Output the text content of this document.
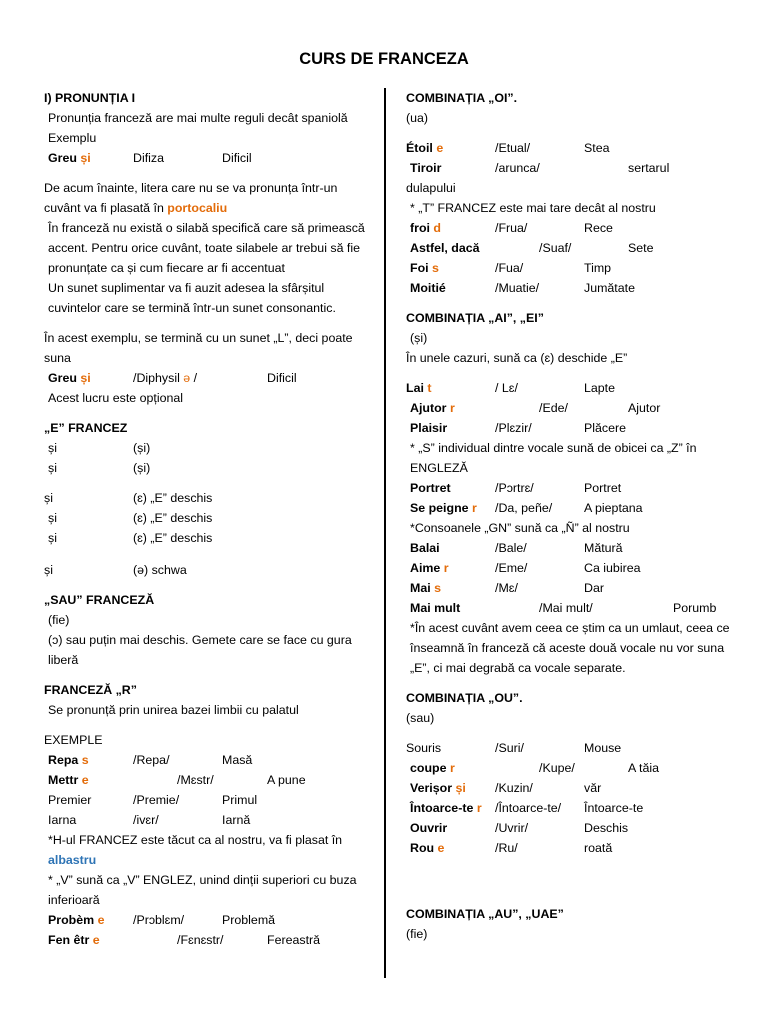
CURS DE FRANCEZA
I) PRONUNȚIA I
Pronunția franceză are mai multe reguli decât spaniolă
Exemplu
Greu și	Difiza	Dificil
De acum înainte, litera care nu se va pronunța într-un cuvânt va fi plasată în portocaliu
În franceză nu există o silabă specifică care să primească accent. Pentru orice cuvânt, toate silabele ar trebui să fie pronunțate ca și cum fiecare ar fi accentuat
Un sunet suplimentar va fi auzit adesea la sfârșitul cuvintelor care se termină într-un sunet consonantic.
În acest exemplu, se termină cu un sunet „L”, deci poate suna
Greu și	/Diphysil ə /	Dificil
Acest lucru este opțional
„E” FRANCEZ
și	(și)
și	(și)
și	(ɛ) „E” deschis
și	(ɛ) „E” deschis
și	(ɛ) „E” deschis
și	(ə) schwa
„SAU” FRANCEZĂ
(fie)
(ɔ) sau puțin mai deschis. Gemete care se face cu gura liberă
FRANCEZĂ „R”
Se pronunță prin unirea bazei limbii cu palatul
EXEMPLE
Repa s	/Repa/	Masă
Mettr e	/Mɛstr/	A pune
Premier	/Premie/	Primul
Iarna	/ivɛr/	Iarnă
*H-ul FRANCEZ este tăcut ca al nostru, va fi plasat în albastru
* „V” sună ca „V” ENGLEZ, unind dinții superiori cu buza inferioară
Probèm e /Prɔblɛm/	Problemă
Fen êtr e	/Fɛnɛstr/	Fereastră
COMBINAȚIA „OI”.
(ua)
Étoil e	/Etual/	Stea
Tiroir	/arunca/	sertarul
dulapului
* „T” FRANCEZ este mai tare decât al nostru
froi d	/Frua/	Rece
Astfel, dacă	/Suaf/	Sete
Foi s	/Fua/	Timp
Moitié	/Muatie/	Jumătate
COMBINAȚIA „AI”, „EI”
(și)
În unele cazuri, sună ca (ɛ) deschide „E”
Lai t	/ Lɛ/	Lapte
Ajutor r	/Ede/	Ajutor
Plaisir	/Plɛzir/	Plăcere
* „S” individual dintre vocale sună de obicei ca „Z” în ENGLEZĂ
Portret	/Pɔrtrɛ/	Portret
Se peigne r /Da, peñe/	A pieptana
*Consoanele „GN” sună ca „Ñ” al nostru
Balai	/Bale/	Mătură
Aime r	/Eme/	Ca iubirea
Mai s	/Mɛ/	Dar
Mai mult	/Mai mult/	Porumb
*În acest cuvânt avem ceea ce știm ca un umlaut, ceea ce înseamnă în franceză că aceste două vocale nu vor suna „E”, ci mai degrabă ca vocale separate.
COMBINAȚIA „OU”.
(sau)
Souris	/Suri/	Mouse
coupe r	/Kupe/	A tăia
Verișor și /Kuzin/	văr
Întoarce-te r /Întoarce-te/ Întoarce-te
Ouvrir	/Uvrir/	Deschis
Rou e	/Ru/	roată
COMBINAȚIA „AU”, „UAE”
(fie)
